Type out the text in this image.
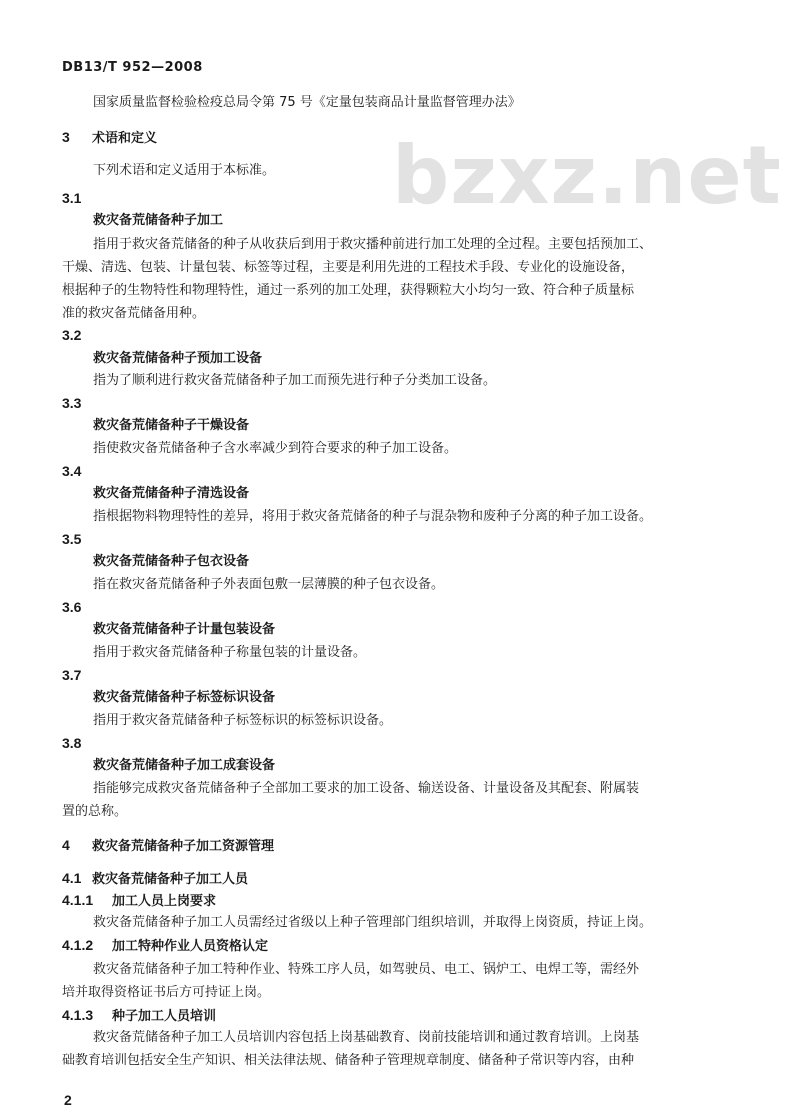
DB13/T 952—2008
bzxz.net
国家质量监督检验检疫总局令第 75 号《定量包装商品计量监督管理办法》
3 术语和定义
下列术语和定义适用于本标准。
3.1
救灾备荒储备种子加工
指用于救灾备荒储备的种子从收获后到用于救灾播种前进行加工处理的全过程。主要包括预加工、
干燥、清选、包装、计量包装、标签等过程，主要是利用先进的工程技术手段、专业化的设施设备，
根据种子的生物特性和物理特性，通过一系列的加工处理，获得颗粒大小均匀一致、符合种子质量标
准的救灾备荒储备用种。
3.2
救灾备荒储备种子预加工设备
指为了顺利进行救灾备荒储备种子加工而预先进行种子分类加工设备。
3.3
救灾备荒储备种子干燥设备
指使救灾备荒储备种子含水率减少到符合要求的种子加工设备。
3.4
救灾备荒储备种子清选设备
指根据物料物理特性的差异，将用于救灾备荒储备的种子与混杂物和废种子分离的种子加工设备。
3.5
救灾备荒储备种子包衣设备
指在救灾备荒储备种子外表面包敷一层薄膜的种子包衣设备。
3.6
救灾备荒储备种子计量包装设备
指用于救灾备荒储备种子称量包装的计量设备。
3.7
救灾备荒储备种子标签标识设备
指用于救灾备荒储备种子标签标识的标签标识设备。
3.8
救灾备荒储备种子加工成套设备
指能够完成救灾备荒储备种子全部加工要求的加工设备、输送设备、计量设备及其配套、附属装
置的总称。
4 救灾备荒储备种子加工资源管理
4.1 救灾备荒储备种子加工人员
4.1.1 加工人员上岗要求
救灾备荒储备种子加工人员需经过省级以上种子管理部门组织培训，并取得上岗资质，持证上岗。
4.1.2 加工特种作业人员资格认定
救灾备荒储备种子加工特种作业、特殊工序人员，如驾驶员、电工、锅炉工、电焊工等，需经外
培并取得资格证书后方可持证上岗。
4.1.3 种子加工人员培训
救灾备荒储备种子加工人员培训内容包括上岗基础教育、岗前技能培训和通过教育培训。上岗基
础教育培训包括安全生产知识、相关法律法规、储备种子管理规章制度、储备种子常识等内容，由种
2
